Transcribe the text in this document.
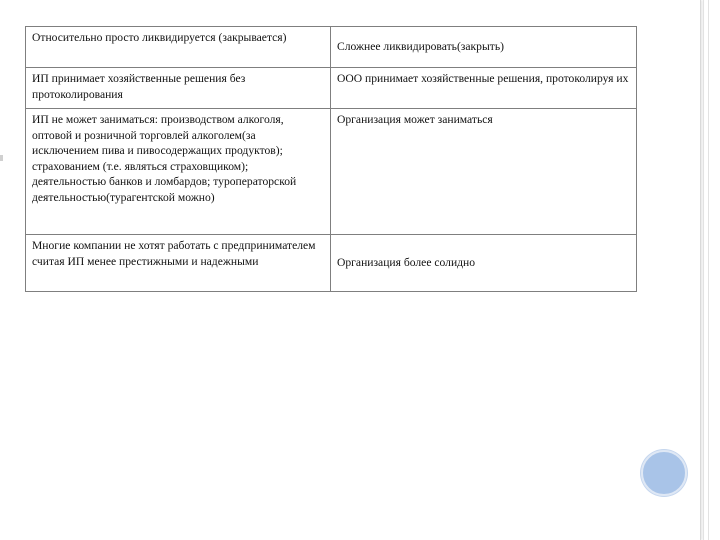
Относительно просто ликвидируется (закрывается)	Сложнее ликвидировать(закрыть)
ИП принимает хозяйственные решения без протоколирования	ООО принимает хозяйственные решения, протоколируя их
ИП не может заниматься: производством алкоголя, оптовой и розничной торговлей алкоголем(за исключением пива и пивосодержащих продуктов); страхованием (т.е. являться страховщиком); деятельностью банков и ломбардов; туроператорской деятельностью(турагентской можно)	Организация может заниматься
Многие компании не хотят работать с предпринимателем считая ИП менее престижными и надежными	Организация более солидно
